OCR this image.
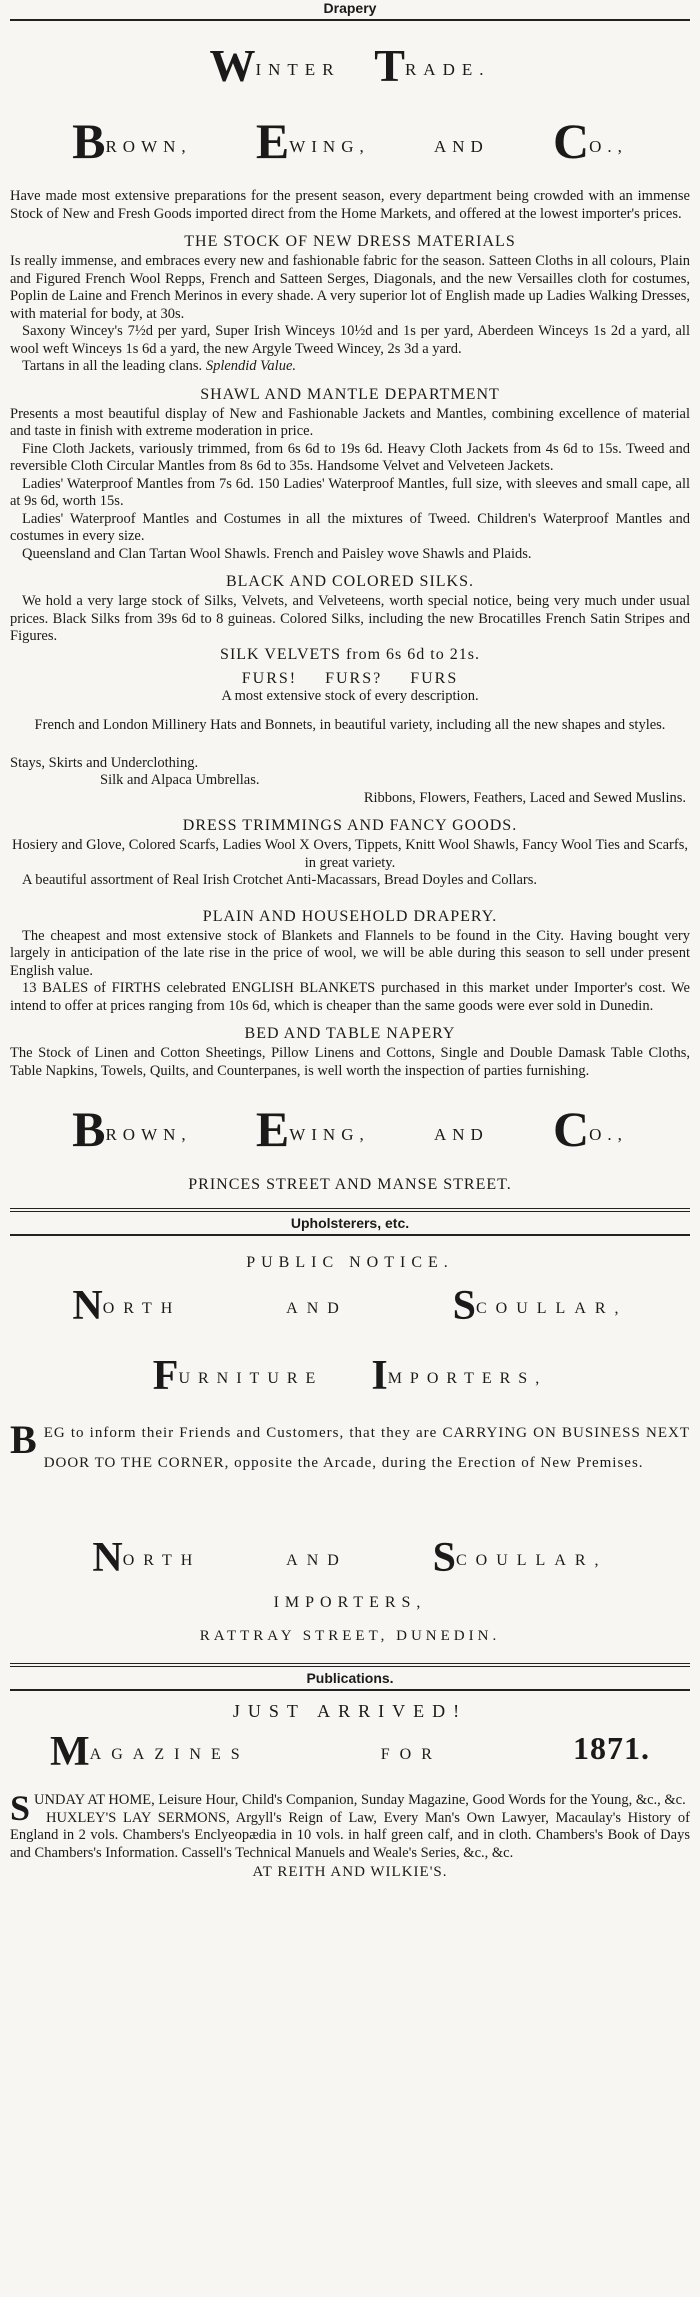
Drapery
WINTER TRADE.
BROWN, EWING,	AND CO.,

Have made most extensive preparations for the present season, every department being crowded with an immense Stock of New and Fresh Goods imported direct from the Home Markets, and offered at the lowest importer's prices.

THE STOCK OF NEW DRESS MATERIALS

Is really immense, and embraces every new and fashionable fabric for the season. Satteen Cloths in all colours, Plain and Figured French Wool Repps, French and Satteen Serges, Diagonals, and the new Versailles cloth for costumes, Poplin de Laine and French Merinos in every shade. A very superior lot of English made up Ladies Walking Dresses, with material for body, at 30s.

Saxony Wincey's 7½d per yard, Super Irish Winceys 10½d and 1s per yard, Aberdeen Winceys 1s 2d a yard, all wool weft Winceys 1s 6d a yard, the new Argyle Tweed Wincey, 2s 3d a yard.

Tartans in all the leading clans. Splendid Value.

SHAWL AND MANTLE DEPARTMENT

Presents a most beautiful display of New and Fashionable Jackets and Mantles, combining excellence of material and taste in finish with extreme moderation in price.

Fine Cloth Jackets, variously trimmed, from 6s 6d to 19s 6d. Heavy Cloth Jackets from 4s 6d to 15s. Tweed and reversible Cloth Circular Mantles from 8s 6d to 35s. Handsome Velvet and Velveteen Jackets.

Ladies' Waterproof Mantles from 7s 6d. 150 Ladies' Waterproof Mantles, full size, with sleeves and small cape, all at 9s 6d, worth 15s.

Ladies' Waterproof Mantles and Costumes in all the mixtures of Tweed. Children's Waterproof Mantles and costumes in every size.

Queensland and Clan Tartan Wool Shawls. French and Paisley wove Shawls and Plaids.

BLACK AND COLORED SILKS.

We hold a very large stock of Silks, Velvets, and Velveteens, worth special notice, being very much under usual prices. Black Silks from 39s 6d to 8 guineas. Colored Silks, including the new Brocatilles French Satin Stripes and Figures.

SILK VELVETS from 6s 6d to 21s.
FURS! FURS? FURS

A most extensive stock of every description.

French and London Millinery Hats and Bonnets, in beautiful variety, including all the new shapes and styles.

Stays, Skirts and Underclothing.

Silk and Alpaca Umbrellas.

Ribbons, Flowers, Feathers, Laced and Sewed Muslins.

DRESS TRIMMINGS AND FANCY GOODS.

Hosiery and Glove, Colored Scarfs, Ladies Wool X Overs, Tippets, Knitt Wool Shawls, Fancy Wool Ties and Scarfs, in great variety.

A beautiful assortment of Real Irish Crotchet Anti-Macassars, Bread Doyles and Collars.

PLAIN AND HOUSEHOLD DRAPERY.

The cheapest and most extensive stock of Blankets and Flannels to be found in the City. Having bought very largely in anticipation of the late rise in the price of wool, we will be able during this season to sell under present English value.

13 BALES of FIRTHS celebrated ENGLISH BLANKETS purchased in this market under Importer's cost. We intend to offer at prices ranging from 10s 6d, which is cheaper than the same goods were ever sold in Dunedin.

BED AND TABLE NAPERY

The Stock of Linen and Cotton Sheetings, Pillow Linens and Cottons, Single and Double Damask Table Cloths, Table Napkins, Towels, Quilts, and Counterpanes, is well worth the inspection of parties furnishing.

BROWN, EWING,	AND CO.,
PRINCES STREET AND MANSE STREET.
Upholsterers, etc.
PUBLIC NOTICE.
NORTH	AND SCOULLAR,
FURNITURE IMPORTERS,
BEG to inform their Friends and Customers, that they are CARRYING ON BUSINESS NEXT DOOR TO THE CORNER, opposite the Arcade, during the Erection of New Premises.
NORTH	AND SCOULLAR,
IMPORTERS,
RATTRAY STREET, DUNEDIN.
Publications.
JUST ARRIVED!
MAGAZINES	FOR	1871.

SUNDAY AT HOME, Leisure Hour, Child's Companion, Sunday Magazine, Good Words for the Young, &c., &c.

HUXLEY'S LAY SERMONS, Argyll's Reign of Law, Every Man's Own Lawyer, Macaulay's History of England in 2 vols. Chambers's Enclyeopædia in 10 vols. in half green calf, and in cloth. Chambers's Book of Days and Chambers's Information. Cassell's Technical Manuels and Weale's Series, &c., &c.

AT REITH AND WILKIE'S.
